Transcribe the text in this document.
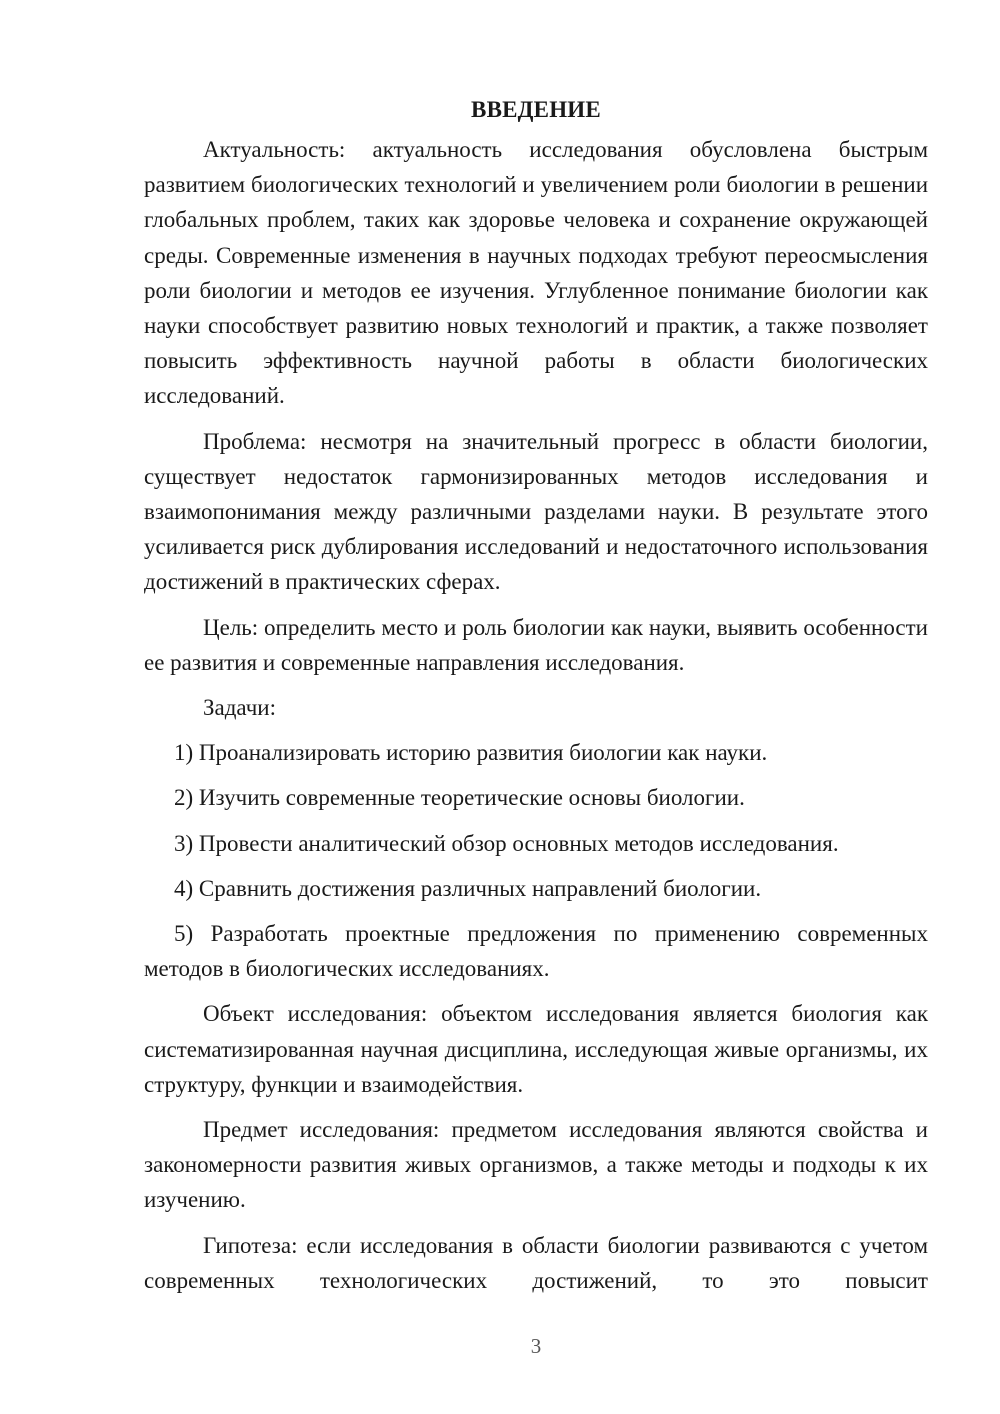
ВВЕДЕНИЕ

Актуальность: актуальность исследования обусловлена быстрым развитием биологических технологий и увеличением роли биологии в решении глобальных проблем, таких как здоровье человека и сохранение окружающей среды. Современные изменения в научных подходах требуют переосмысления роли биологии и методов ее изучения. Углубленное понимание биологии как науки способствует развитию новых технологий и практик, а также позволяет повысить эффективность научной работы в области биологических исследований.

Проблема: несмотря на значительный прогресс в области биологии, существует недостаток гармонизированных методов исследования и взаимопонимания между различными разделами науки. В результате этого усиливается риск дублирования исследований и недостаточного использования достижений в практических сферах.

Цель: определить место и роль биологии как науки, выявить особенности ее развития и современные направления исследования.

Задачи:

1) Проанализировать историю развития биологии как науки.

2) Изучить современные теоретические основы биологии.

3) Провести аналитический обзор основных методов исследования.

4) Сравнить достижения различных направлений биологии.

5) Разработать проектные предложения по применению современных методов в биологических исследованиях.

Объект исследования: объектом исследования является биология как систематизированная научная дисциплина, исследующая живые организмы, их структуру, функции и взаимодействия.

Предмет исследования: предметом исследования являются свойства и закономерности развития живых организмов, а также методы и подходы к их изучению.

Гипотеза: если исследования в области биологии развиваются с учетом современных технологических достижений, то это повысит

3
